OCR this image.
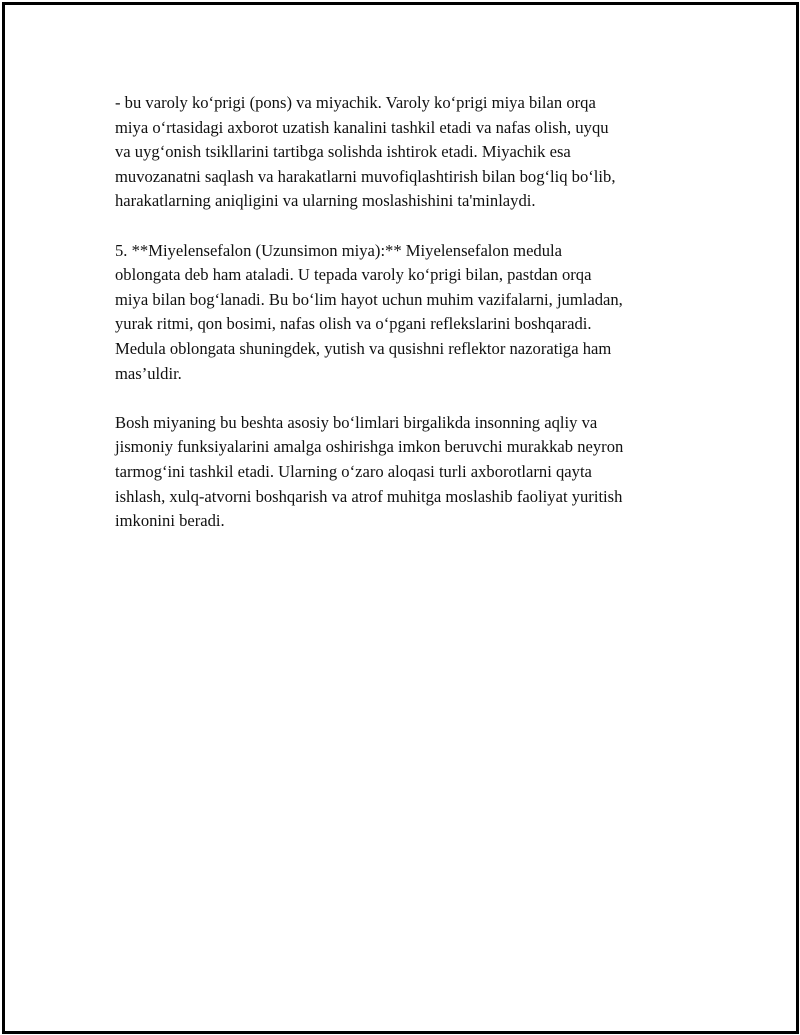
- bu varoly ko‘prigi (pons) va miyachik. Varoly ko‘prigi miya bilan orqa
miya o‘rtasidagi axborot uzatish kanalini tashkil etadi va nafas olish, uyqu
va uyg‘onish tsikllarini tartibga solishda ishtirok etadi. Miyachik esa
muvozanatni saqlash va harakatlarni muvofiqlashtirish bilan bog‘liq bo‘lib,
harakatlarning aniqligini va ularning moslashishini ta'minlaydi.
5. **Miyelensefalon (Uzunsimon miya):** Miyelensefalon medula
oblongata deb ham ataladi. U tepada varoly ko‘prigi bilan, pastdan orqa
miya bilan bog‘lanadi. Bu bo‘lim hayot uchun muhim vazifalarni, jumladan,
yurak ritmi, qon bosimi, nafas olish va o‘pgani reflekslarini boshqaradi.
Medula oblongata shuningdek, yutish va qusishni reflektor nazoratiga ham
mas’uldir.
Bosh miyaning bu beshta asosiy bo‘limlari birgalikda insonning aqliy va
jismoniy funksiyalarini amalga oshirishga imkon beruvchi murakkab neyron
tarmog‘ini tashkil etadi. Ularning o‘zaro aloqasi turli axborotlarni qayta
ishlash, xulq-atvorni boshqarish va atrof muhitga moslashib faoliyat yuritish
imkonini beradi.
